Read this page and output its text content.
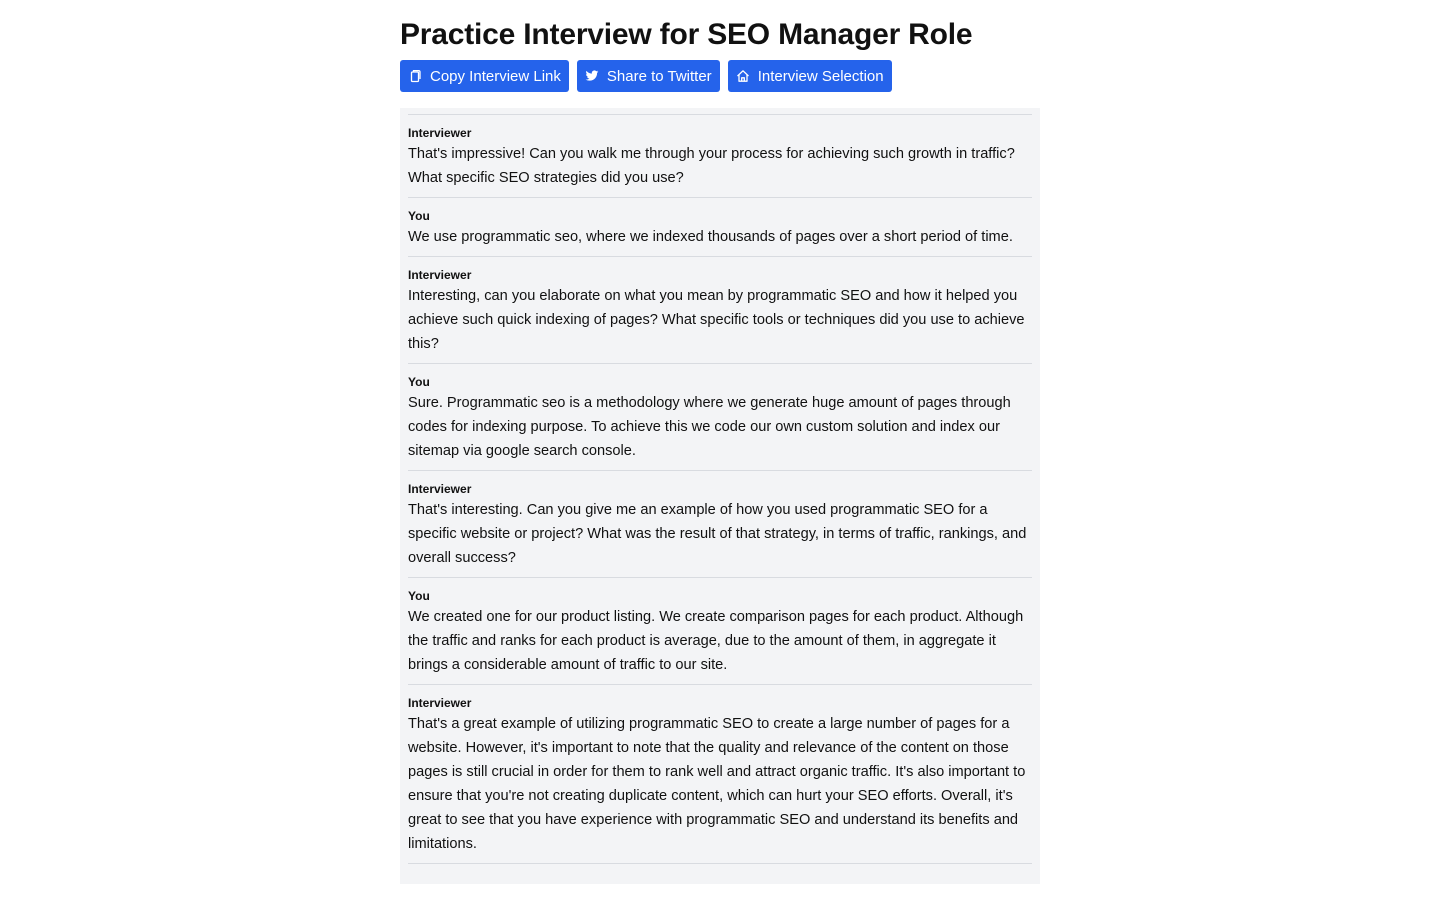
Practice Interview for SEO Manager Role
Copy Interview Link	Share to Twitter	Interview Selection
Interviewer
That's impressive! Can you walk me through your process for achieving such growth in traffic? What specific SEO strategies did you use?
You
We use programmatic seo, where we indexed thousands of pages over a short period of time.
Interviewer
Interesting, can you elaborate on what you mean by programmatic SEO and how it helped you achieve such quick indexing of pages? What specific tools or techniques did you use to achieve this?
You
Sure. Programmatic seo is a methodology where we generate huge amount of pages through codes for indexing purpose. To achieve this we code our own custom solution and index our sitemap via google search console.
Interviewer
That's interesting. Can you give me an example of how you used programmatic SEO for a specific website or project? What was the result of that strategy, in terms of traffic, rankings, and overall success?
You
We created one for our product listing. We create comparison pages for each product. Although the traffic and ranks for each product is average, due to the amount of them, in aggregate it brings a considerable amount of traffic to our site.
Interviewer
That's a great example of utilizing programmatic SEO to create a large number of pages for a website. However, it's important to note that the quality and relevance of the content on those pages is still crucial in order for them to rank well and attract organic traffic. It's also important to ensure that you're not creating duplicate content, which can hurt your SEO efforts. Overall, it's great to see that you have experience with programmatic SEO and understand its benefits and limitations.
